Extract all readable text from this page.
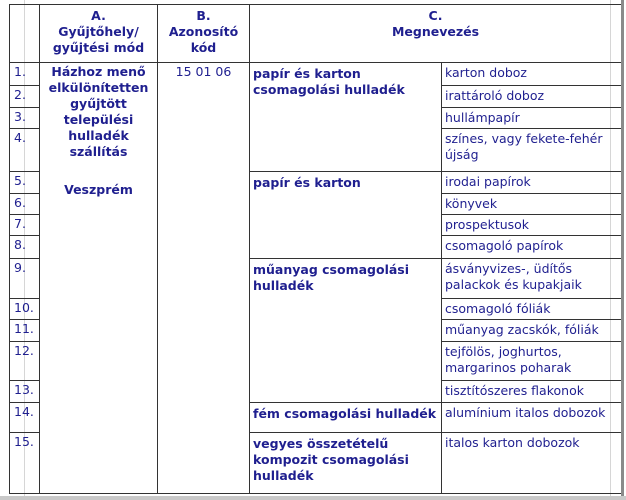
	A.
Gyűjtőhely/
gyűjtési mód	B.
Azonosító
kód	C.
Megnevezés	

1.	Házhoz menő
elkülönítetten
gyűjtött
települési
hulladék
szállítás
Veszprém
	15 01 06	papír és karton csomagolási hulladék	karton doboz
2.				irattároló doboz
3.				hullámpapír
4.				színes, vagy fekete-fehér újság
5.			papír és karton	irodai papírok
6.				könyvek
7.				prospektusok
8.				csomagoló papírok
9.			műanyag csomagolási hulladék	ásványvizes-, üdítős palackok és kupakjaik
10.				csomagoló fóliák
11.				műanyag zacskók, fóliák
12.				tejfölös, joghurtos, margarinos poharak
13.				tisztítószeres flakonok
14.			fém csomagolási hulladék	alumínium italos dobozok
15.			vegyes összetételű kompozit csomagolási hulladék	italos karton dobozok
